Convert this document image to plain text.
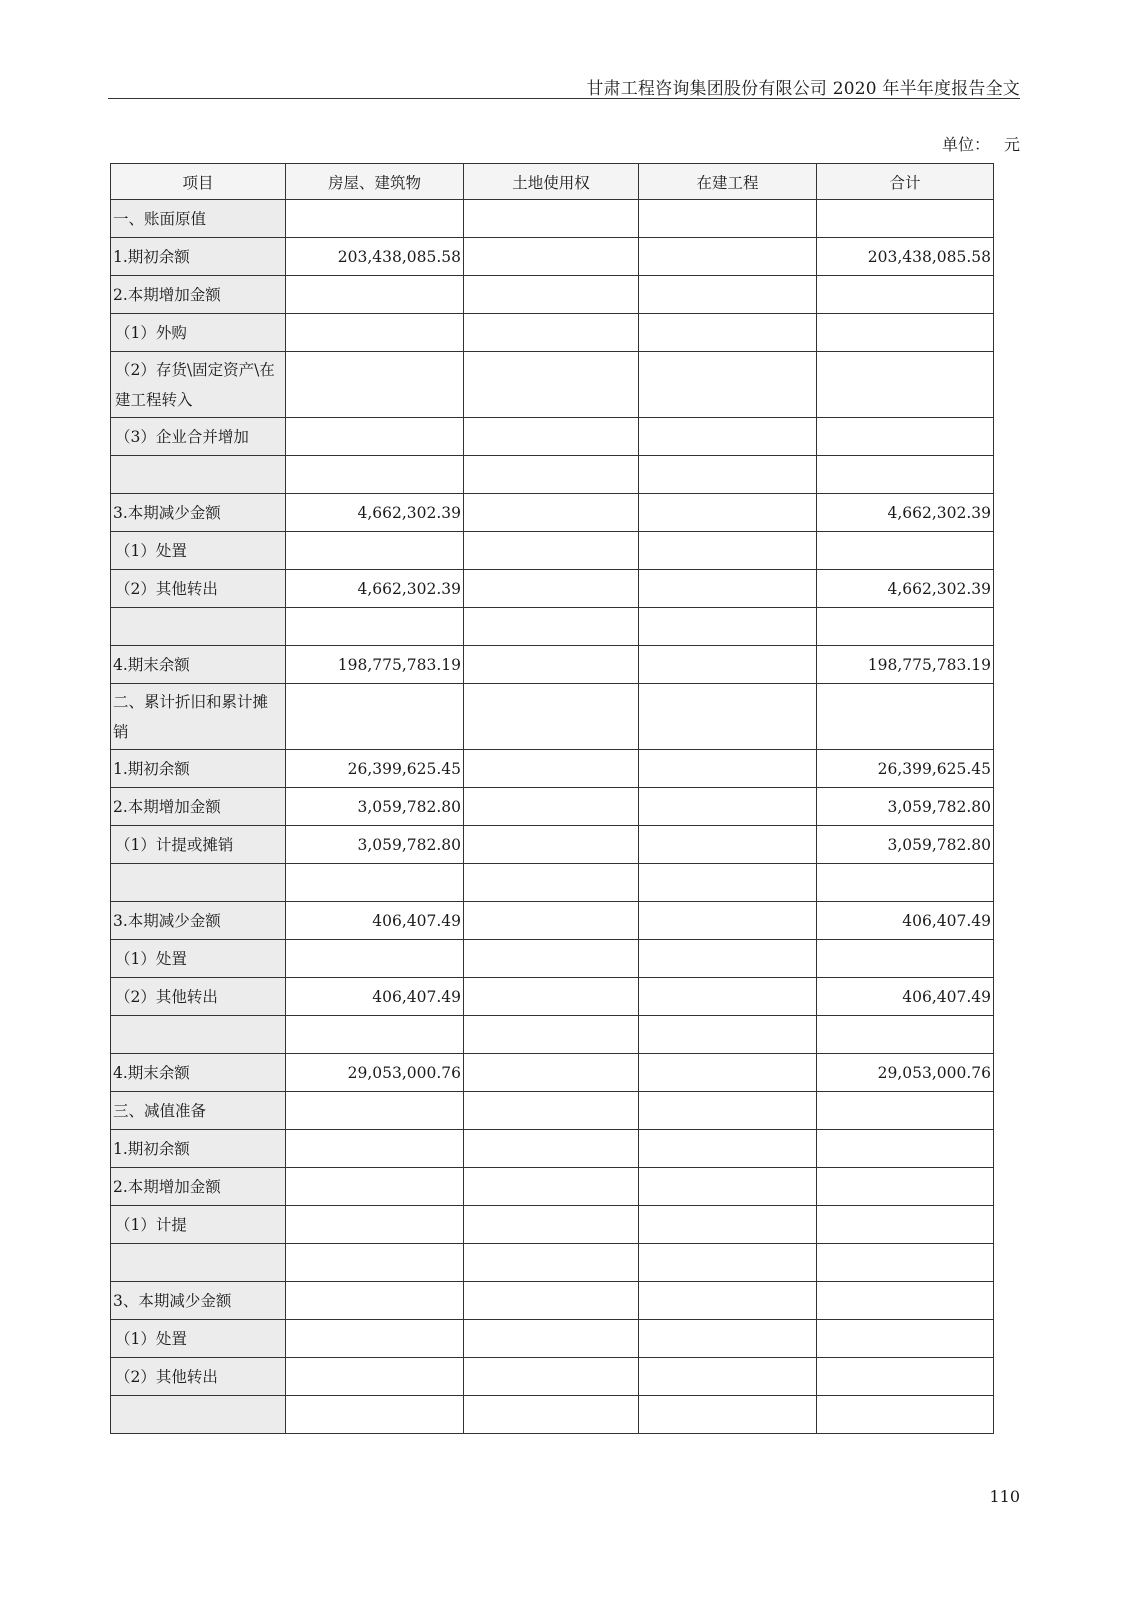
甘肃工程咨询集团股份有限公司 2020 年半年度报告全文
单位： 元
项目	房屋、建筑物	土地使用权	在建工程	合计
一、账面原值				
1.期初余额	203,438,085.58			203,438,085.58
2.本期增加金额				
（1）外购				
（2）存货\固定资产\在建工程转入				
（3）企业合并增加				

3.本期减少金额	4,662,302.39			4,662,302.39
（1）处置				
（2）其他转出	4,662,302.39			4,662,302.39

4.期末余额	198,775,783.19			198,775,783.19
二、累计折旧和累计摊销				
1.期初余额	26,399,625.45			26,399,625.45
2.本期增加金额	3,059,782.80			3,059,782.80
（1）计提或摊销	3,059,782.80			3,059,782.80

3.本期减少金额	406,407.49			406,407.49
（1）处置				
（2）其他转出	406,407.49			406,407.49

4.期末余额	29,053,000.76			29,053,000.76
三、减值准备				
1.期初余额				
2.本期增加金额				
（1）计提				

3、本期减少金额				
（1）处置				
（2）其他转出				

110
